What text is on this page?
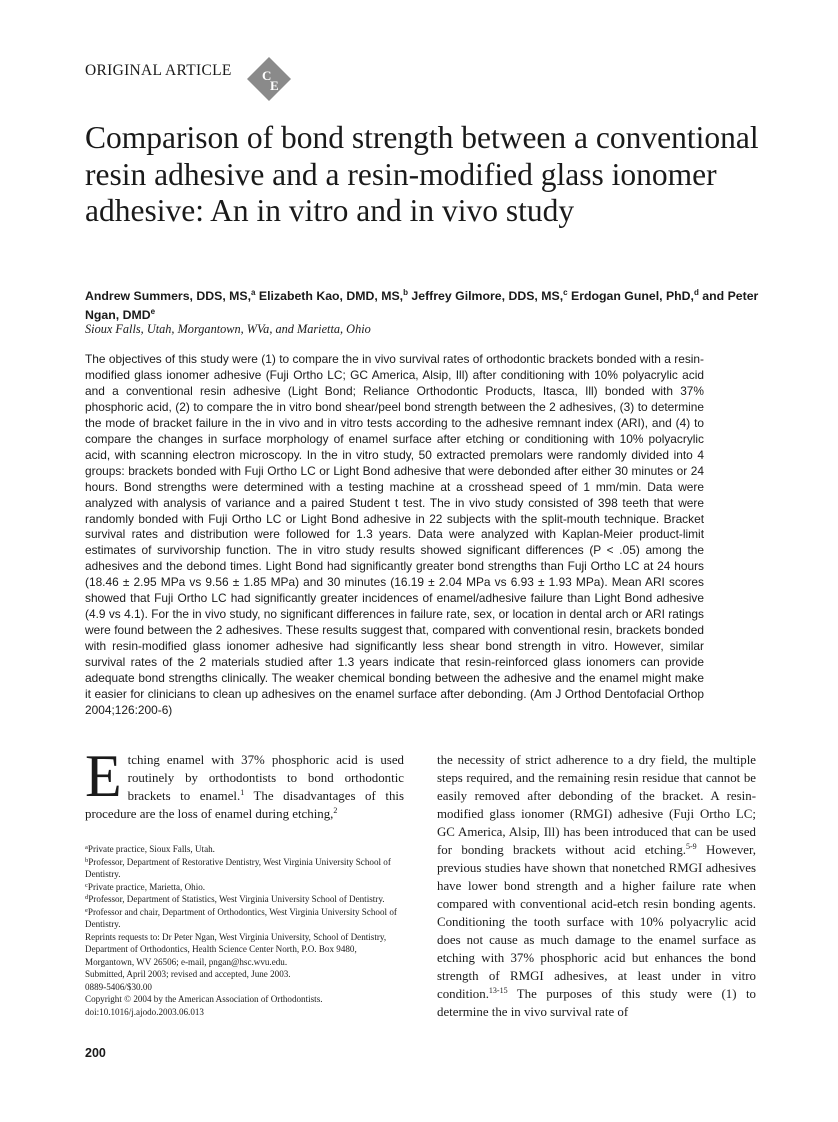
ORIGINAL ARTICLE C
E
Comparison of bond strength between a conventional resin adhesive and a resin-modified glass ionomer adhesive: An in vitro and in vivo study
Andrew Summers, DDS, MS,$^a$ Elizabeth Kao, DMD, MS,$^b$ Jeffrey Gilmore, DDS, MS,$^c$ Erdogan Gunel, PhD,$^d$ and Peter Ngan, DMDe
Sioux Falls, Utah, Morgantown, WVa, and Marietta, Ohio

The objectives of this study were (1) to compare the in vivo survival rates of orthodontic brackets bonded with a resin-modified glass ionomer adhesive (Fuji Ortho LC; GC America, Alsip, Ill) after conditioning with 10% polyacrylic acid and a conventional resin adhesive (Light Bond; Reliance Orthodontic Products, Itasca, Ill) bonded with 37% phosphoric acid, (2) to compare the in vitro bond shear/peel bond strength between the 2 adhesives, (3) to determine the mode of bracket failure in the in vivo and in vitro tests according to the adhesive remnant index (ARI), and (4) to compare the changes in surface morphology of enamel surface after etching or conditioning with 10% polyacrylic acid, with scanning electron microscopy. In the in vitro study, 50 extracted premolars were randomly divided into 4 groups: brackets bonded with Fuji Ortho LC or Light Bond adhesive that were debonded after either 30 minutes or 24 hours. Bond strengths were determined with a testing machine at a crosshead speed of 1 mm/min. Data were analyzed with analysis of variance and a paired Student t test. The in vivo study consisted of 398 teeth that were randomly bonded with Fuji Ortho LC or Light Bond adhesive in 22 subjects with the split-mouth technique. Bracket survival rates and distribution were followed for 1.3 years. Data were analyzed with Kaplan-Meier product-limit estimates of survivorship function. The in vitro study results showed significant differences (P < .05) among the adhesives and the debond times. Light Bond had significantly greater bond strengths than Fuji Ortho LC at 24 hours (18.46 ± 2.95 MPa vs 9.56 ± 1.85 MPa) and 30 minutes (16.19 ± 2.04 MPa vs 6.93 ± 1.93 MPa). Mean ARI scores showed that Fuji Ortho LC had significantly greater incidences of enamel/adhesive failure than Light Bond adhesive (4.9 vs 4.1). For the in vivo study, no significant differences in failure rate, sex, or location in dental arch or ARI ratings were found between the 2 adhesives. These results suggest that, compared with conventional resin, brackets bonded with resin-modified glass ionomer adhesive had significantly less shear bond strength in vitro. However, similar survival rates of the 2 materials studied after 1.3 years indicate that resin-reinforced glass ionomers can provide adequate bond strengths clinically. The weaker chemical bonding between the adhesive and the enamel might make it easier for clinicians to clean up adhesives on the enamel surface after debonding. (Am J Orthod Dentofacial Orthop 2004;126:200-6)

Etching enamel with 37% phosphoric acid is used routinely by orthodontists to bond orthodontic brackets to enamel.$^1$ The disadvantages of this procedure are the loss of enamel during etching,$^2$

$^a$Private practice, Sioux Falls, Utah.

$^b$Professor, Department of Restorative Dentistry, West Virginia University School of Dentistry.

$^c$Private practice, Marietta, Ohio.

$^d$Professor, Department of Statistics, West Virginia University School of Dentistry.

$^e$Professor and chair, Department of Orthodontics, West Virginia University School of Dentistry.

Reprints requests to: Dr Peter Ngan, West Virginia University, School of Dentistry, Department of Orthodontics, Health Science Center North, P.O. Box 9480, Morgantown, WV 26506; e-mail, pngan@hsc.wvu.edu.

Submitted, April 2003; revised and accepted, June 2003.

0889-5406/$30.00

Copyright © 2004 by the American Association of Orthodontists.

doi:10.1016/j.ajodo.2003.06.013

the necessity of strict adherence to a dry field, the multiple steps required, and the remaining resin residue that cannot be easily removed after debonding of the bracket. A resin-modified glass ionomer (RMGI) adhesive (Fuji Ortho LC; GC America, Alsip, Ill) has been introduced that can be used for bonding brackets without acid etching.$^{5-9}$ However, previous studies have shown that nonetched RMGI adhesives have lower bond strength and a higher failure rate when compared with conventional acid-etch resin bonding agents. Conditioning the tooth surface with 10% polyacrylic acid does not cause as much damage to the enamel surface as etching with 37% phosphoric acid but enhances the bond strength of RMGI adhesives, at least under in vitro condition.$^{13-15}$ The purposes of this study were (1) to determine the in vivo survival rate of

200
